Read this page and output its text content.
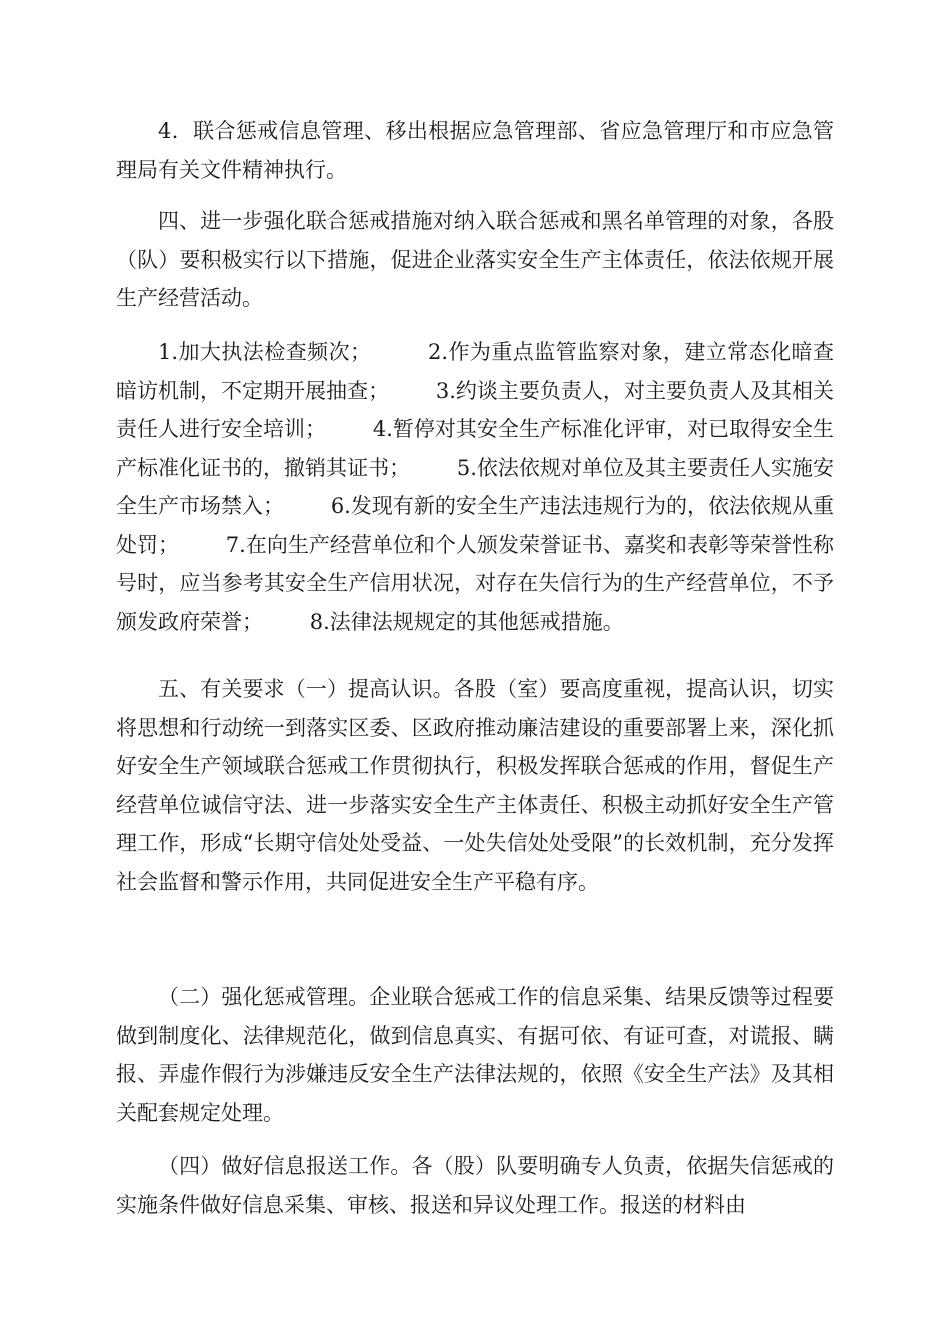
4．联合惩戒信息管理、移出根据应急管理部、省应急管理厅和市应急管理局有关文件精神执行。

四、进一步强化联合惩戒措施对纳入联合惩戒和黑名单管理的对象，各股（队）要积极实行以下措施，促进企业落实安全生产主体责任，依法依规开展生产经营活动。

1.加大执法检查频次；        2.作为重点监管监察对象，建立常态化暗查暗访机制，不定期开展抽查；       3.约谈主要负责人，对主要负责人及其相关责任人进行安全培训；       4.暂停对其安全生产标准化评审，对已取得安全生产标准化证书的，撤销其证书；       5.依法依规对单位及其主要责任人实施安全生产市场禁入；       6.发现有新的安全生产违法违规行为的，依法依规从重处罚；       7.在向生产经营单位和个人颁发荣誉证书、嘉奖和表彰等荣誉性称号时，应当参考其安全生产信用状况，对存在失信行为的生产经营单位，不予颁发政府荣誉；       8.法律法规规定的其他惩戒措施。

五、有关要求（一）提高认识。各股（室）要高度重视，提高认识，切实将思想和行动统一到落实区委、区政府推动廉洁建设的重要部署上来，深化抓好安全生产领域联合惩戒工作贯彻执行，积极发挥联合惩戒的作用，督促生产经营单位诚信守法、进一步落实安全生产主体责任、积极主动抓好安全生产管理工作，形成“长期守信处处受益、一处失信处处受限”的长效机制，充分发挥社会监督和警示作用，共同促进安全生产平稳有序。

（二）强化惩戒管理。企业联合惩戒工作的信息采集、结果反馈等过程要做到制度化、法律规范化，做到信息真实、有据可依、有证可查，对谎报、瞒报、弄虚作假行为涉嫌违反安全生产法律法规的，依照《安全生产法》及其相关配套规定处理。

（四）做好信息报送工作。各（股）队要明确专人负责，依据失信惩戒的实施条件做好信息采集、审核、报送和异议处理工作。报送的材料由
